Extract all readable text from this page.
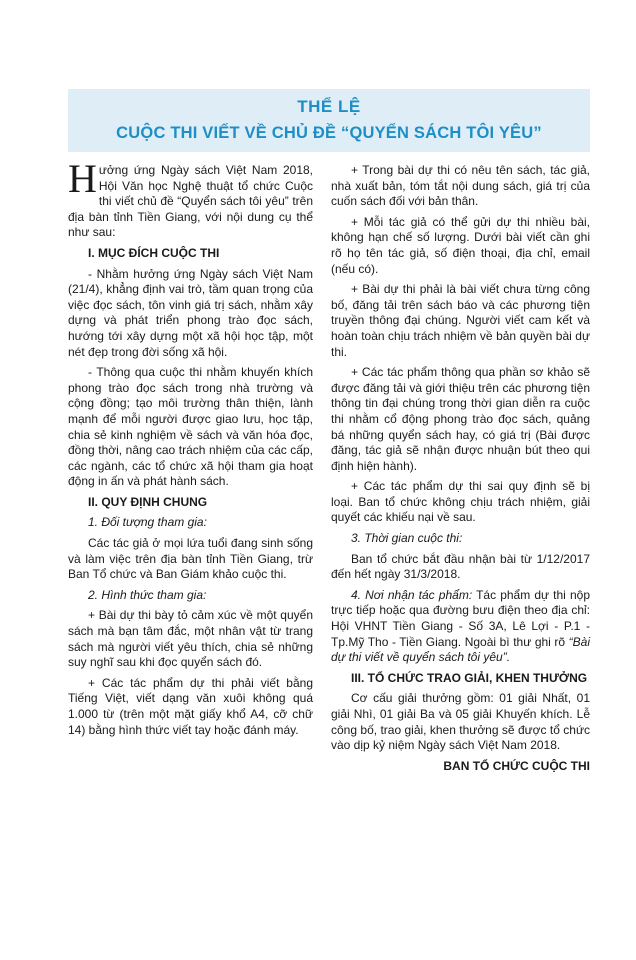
THỂ LỆ
CUỘC THI VIẾT VỀ CHỦ ĐỀ “QUYỂN SÁCH TÔI YÊU”

Hưởng ứng Ngày sách Việt Nam 2018, Hội Văn học Nghệ thuật tổ chức Cuộc thi viết chủ đề “Quyển sách tôi yêu” trên địa bàn tỉnh Tiền Giang, với nội dung cụ thể như sau:

I. MỤC ĐÍCH CUỘC THI

- Nhằm hưởng ứng Ngày sách Việt Nam (21/4), khẳng định vai trò, tầm quan trọng của việc đọc sách, tôn vinh giá trị sách, nhằm xây dựng và phát triển phong trào đọc sách, hướng tới xây dựng một xã hội học tập, một nét đẹp trong đời sống xã hội.

- Thông qua cuộc thi nhằm khuyến khích phong trào đọc sách trong nhà trường và cộng đồng; tạo môi trường thân thiện, lành mạnh để mỗi người được giao lưu, học tập, chia sẻ kinh nghiệm về sách và văn hóa đọc, đồng thời, nâng cao trách nhiệm của các cấp, các ngành, các tổ chức xã hội tham gia hoạt động in ấn và phát hành sách.

II. QUY ĐỊNH CHUNG

1. Đối tượng tham gia:

Các tác giả ở mọi lứa tuổi đang sinh sống và làm việc trên địa bàn tỉnh Tiền Giang, trừ Ban Tổ chức và Ban Giám khảo cuộc thi.

2. Hình thức tham gia:

+ Bài dự thi bày tỏ cảm xúc về một quyển sách mà bạn tâm đắc, một nhân vật từ trang sách mà người viết yêu thích, chia sẻ những suy nghĩ sau khi đọc quyển sách đó.

+ Các tác phẩm dự thi phải viết bằng Tiếng Việt, viết dạng văn xuôi không quá 1.000 từ (trên một mặt giấy khổ A4, cỡ chữ 14) bằng hình thức viết tay hoặc đánh máy.

+ Trong bài dự thi có nêu tên sách, tác giả, nhà xuất bản, tóm tắt nội dung sách, giá trị của cuốn sách đối với bản thân.

+ Mỗi tác giả có thể gửi dự thi nhiều bài, không hạn chế số lượng. Dưới bài viết cần ghi rõ họ tên tác giả, số điện thoại, địa chỉ, email (nếu có).

+ Bài dự thi phải là bài viết chưa từng công bố, đăng tải trên sách báo và các phương tiện truyền thông đại chúng. Người viết cam kết và hoàn toàn chịu trách nhiệm về bản quyền bài dự thi.

+ Các tác phẩm thông qua phần sơ khảo sẽ được đăng tải và giới thiệu trên các phương tiện thông tin đại chúng trong thời gian diễn ra cuộc thi nhằm cổ động phong trào đọc sách, quảng bá những quyển sách hay, có giá trị (Bài được đăng, tác giả sẽ nhận được nhuận bút theo qui định hiện hành).

+ Các tác phẩm dự thi sai quy định sẽ bị loại. Ban tổ chức không chịu trách nhiệm, giải quyết các khiếu nại về sau.

3. Thời gian cuộc thi:

Ban tổ chức bắt đầu nhận bài từ 1/12/2017 đến hết ngày 31/3/2018.

4. Nơi nhận tác phẩm: Tác phẩm dự thi nộp trực tiếp hoặc qua đường bưu điện theo địa chỉ: Hội VHNT Tiền Giang - Số 3A, Lê Lợi - P.1 - Tp.Mỹ Tho - Tiền Giang. Ngoài bì thư ghi rõ “Bài dự thi viết về quyển sách tôi yêu”.

III. TỔ CHỨC TRAO GIẢI, KHEN THƯỞNG

Cơ cấu giải thưởng gồm: 01 giải Nhất, 01 giải Nhì, 01 giải Ba và 05 giải Khuyến khích. Lễ công bố, trao giải, khen thưởng sẽ được tổ chức vào dịp kỷ niệm Ngày sách Việt Nam 2018.

BAN TỔ CHỨC CUỘC THI
